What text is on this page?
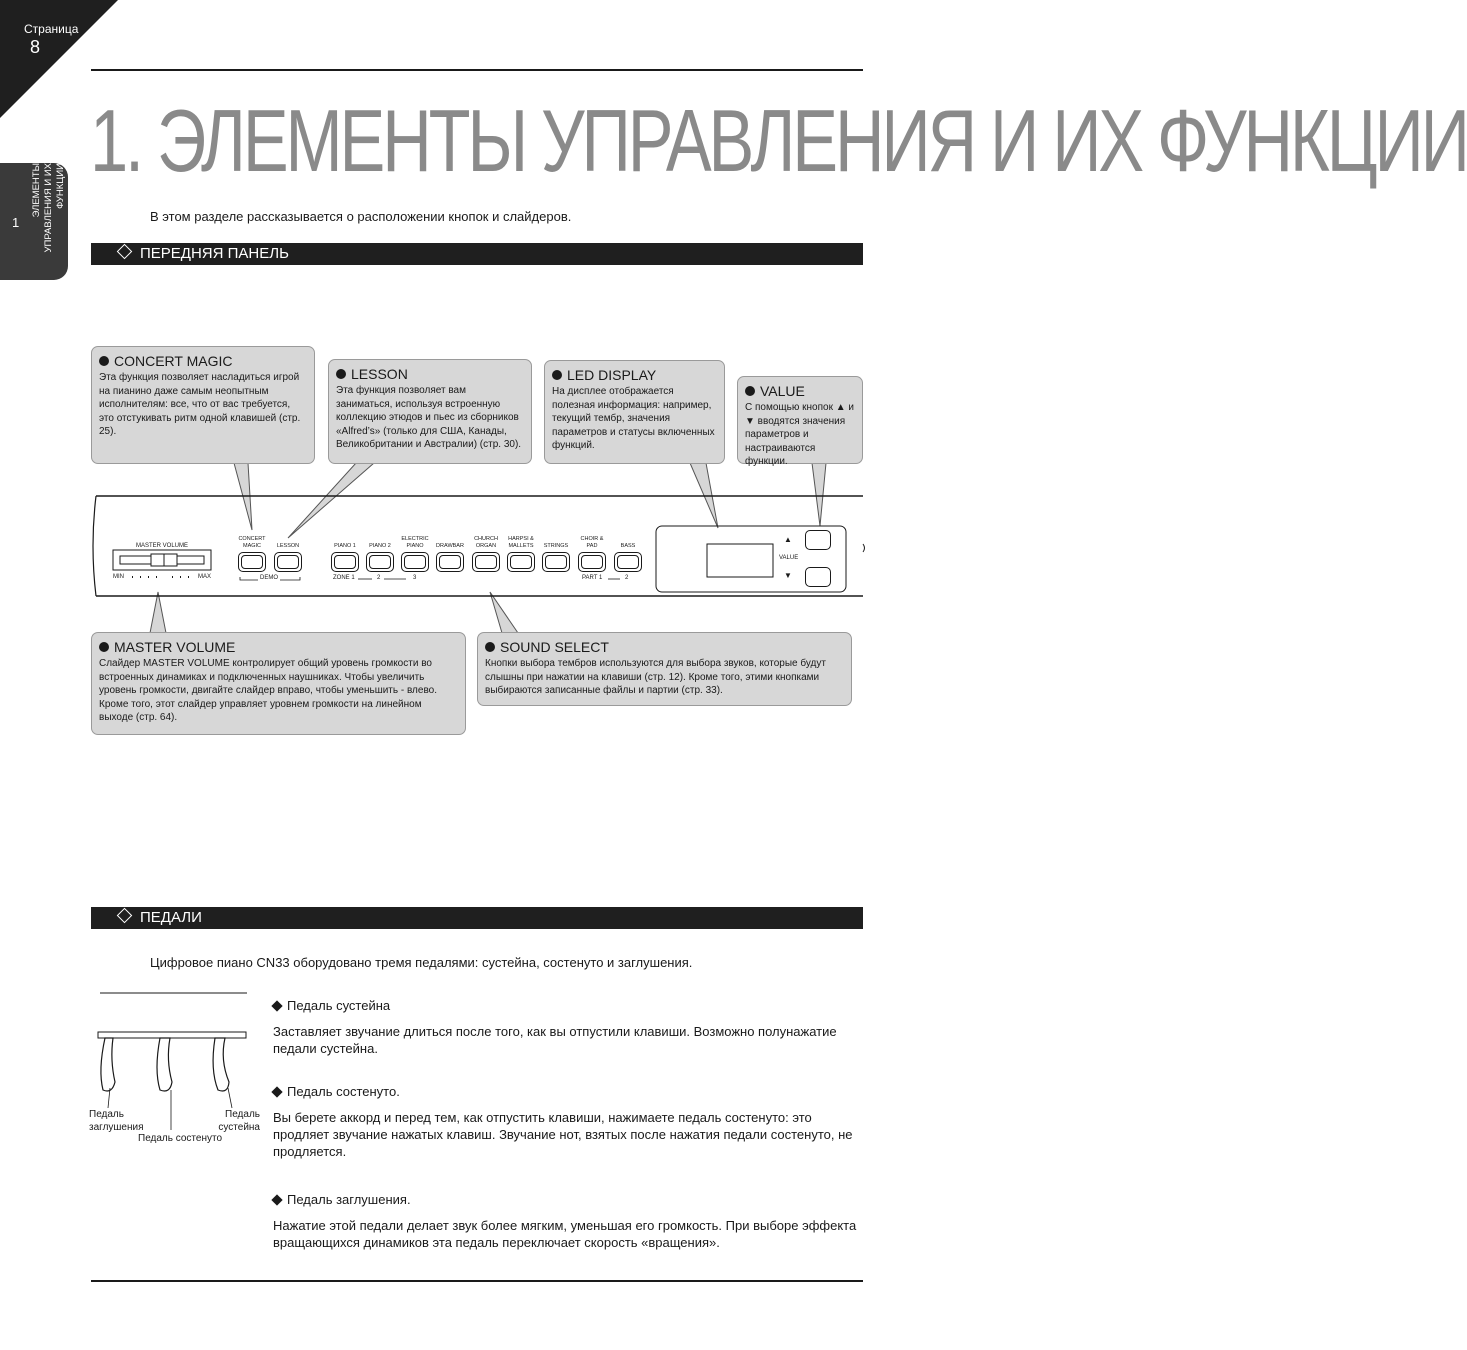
Страница
8
1
ЭЛЕМЕНТЫ УПРАВЛЕНИЯ И ИХ ФУНКЦИИ 1. ЭЛЕМЕНТЫ УПРАВЛЕНИЯ И ИХ ФУНКЦИИ
В этом разделе рассказывается о расположении кнопок и слайдеров.
ПЕРЕДНЯЯ ПАНЕЛЬ
MASTER VOLUME
MIN	MAX	DEMO	ZONE 1	2	3	PART 1	2
VALUE
▲
▼
CONCERT
MAGIC	LESSON	PIANO 1	PIANO 2
ELECTRIC
PIANO	DRAWBAR
CHURCH
ORGAN
HARPSI &
MALLETS	STRINGS
CHOIR &
PAD	BASS
CONCERT MAGIC
Эта функция позволяет насладиться игрой на пианино даже самым неопытным исполнителям: все, что от вас требуется, это отстукивать ритм одной клавишей (стр. 25).
LESSON
Эта функция позволяет вам заниматься, используя встроенную коллекцию этюдов и пьес из сборников «Alfred’s» (только для США, Канады, Великобритании и Австралии) (стр. 30).
LED DISPLAY
На дисплее отображается полезная информация: например, текущий тембр, значения параметров и статусы включенных функций.
VALUE
С помощью кнопок ▲ и ▼ вводятся значения параметров и настраиваются функции.
MASTER VOLUME
Слайдер MASTER VOLUME контролирует общий уровень громкости во встроенных динамиках и подключенных наушниках. Чтобы увеличить уровень громкости, двигайте слайдер вправо, чтобы уменьшить - влево. Кроме того, этот слайдер управляет уровнем громкости на линейном выходе (стр. 64).
SOUND SELECT
Кнопки выбора тембров используются для выбора звуков, которые будут слышны при нажатии на клавиши (стр. 12). Кроме того, этими кнопками выбираются записанные файлы и партии (стр. 33).
ПЕДАЛИ
Цифровое пиано CN33 оборудовано тремя педалями: сустейна, состенуто и заглушения.
Педаль заглушения
Педаль состенуто
Педаль сустейна
Педаль сустейна
Заставляет звучание длиться после того, как вы отпустили клавиши. Возможно полунажатие педали сустейна.
Педаль состенуто.
Вы берете аккорд и перед тем, как отпустить клавиши, нажимаете педаль состенуто: это продляет звучание нажатых клавиш. Звучание нот, взятых после нажатия педали состенуто, не продляется.
Педаль заглушения.
Нажатие этой педали делает звук более мягким, уменьшая его громкость. При выборе эффекта вращающихся динамиков эта педаль переключает скорость «вращения».
